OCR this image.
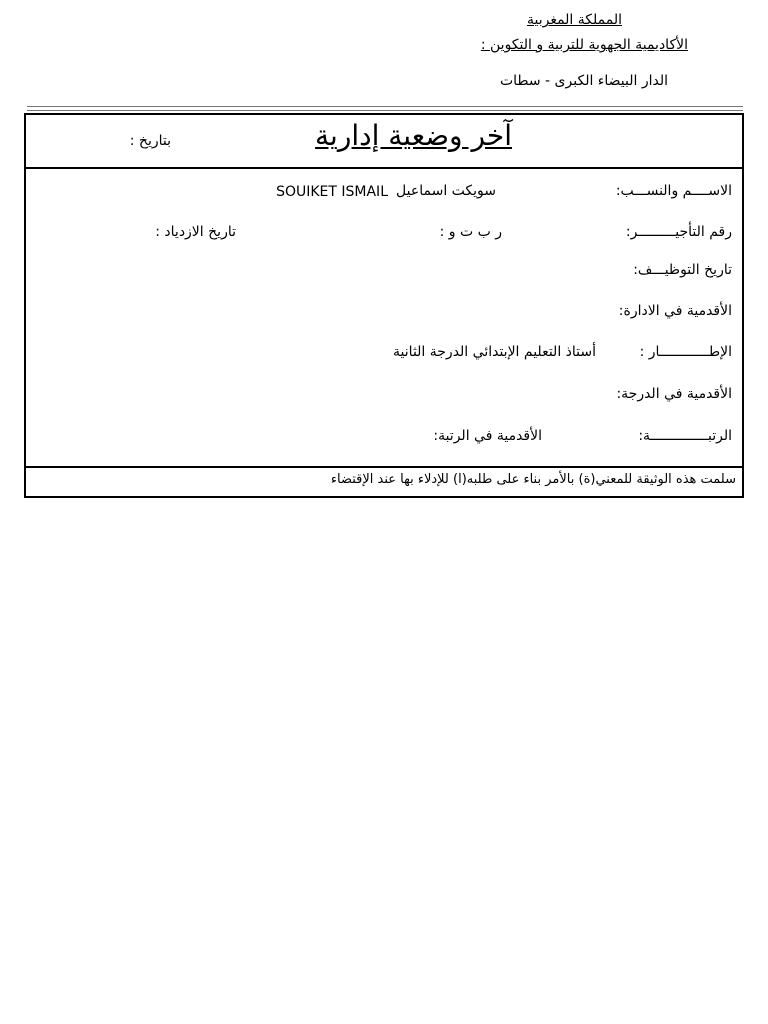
المملكة المغربية
الأكاديمية الجهوية للتربية و التكوين :
الدار البيضاء الكبرى - سطات
آخر وضعية إدارية
بتاريخ :
الاســــم والنســـب:
سويكت اسماعيل
SOUIKET ISMAIL
رقم التأجيـــــــــر:
ر ب ت و :
تاريخ الازدياد :
تاريخ التوظيـــف:
الأقدمية في الادارة:
الإطــــــــــــار :
أستاذ التعليم الإبتدائي الدرجة الثانية
الأقدمية في الدرجة:
الرتبــــــــــــــة:
الأقدمية في الرتبة:
سلمت هذه الوثيقة للمعني(ة) بالأمر بناء على طلبه(ا) للإدلاء بها عند الإقتضاء
